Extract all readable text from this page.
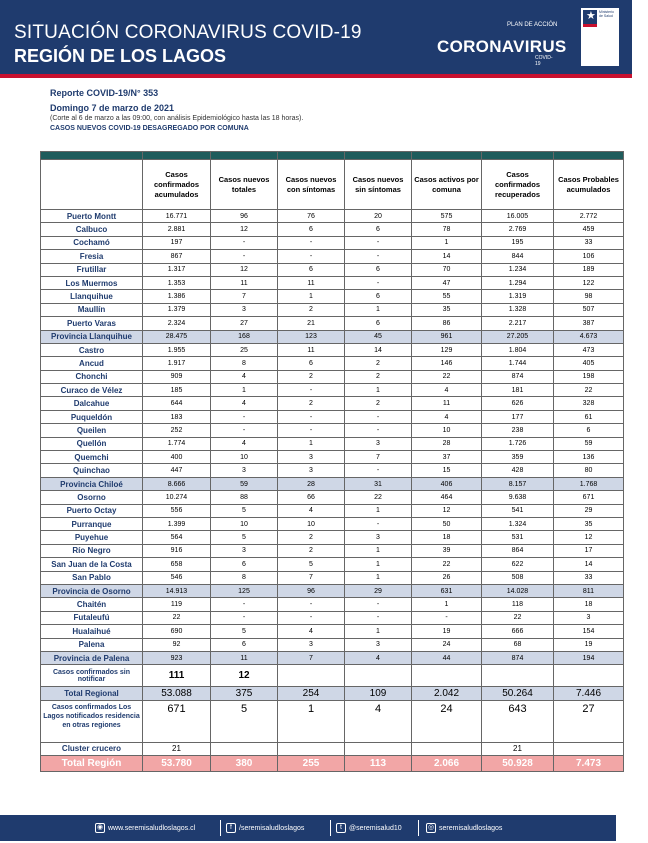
SITUACIÓN CORONAVIRUS COVID-19
REGIÓN DE LOS LAGOS
PLAN DE ACCIÓN
CORONAVIRUS
COVID-19
★ Ministerio de Salud
Reporte COVID-19/N° 353
Domingo 7 de marzo de 2021
(Corte al 6 de marzo a las 09:00, con análisis Epidemiológico hasta las 18 horas).
CASOS NUEVOS COVID-19 DESAGREGADO POR COMUNA

	Casos confirmados acumulados	Casos nuevos totales	Casos nuevos con síntomas	Casos nuevos sin síntomas	Casos activos por comuna	Casos confirmados recuperados	Casos Probables acumulados
Puerto Montt	16.771	96	76	20	575	16.005	2.772
Calbuco	2.881	12	6	6	78	2.769	459
Cochamó	197	-	-	-	1	195	33
Fresia	867	-	-	-	14	844	106
Frutillar	1.317	12	6	6	70	1.234	189
Los Muermos	1.353	11	11	-	47	1.294	122
Llanquihue	1.386	7	1	6	55	1.319	98
Maullín	1.379	3	2	1	35	1.328	507
Puerto Varas	2.324	27	21	6	86	2.217	387
Provincia Llanquihue	28.475	168	123	45	961	27.205	4.673
Castro	1.955	25	11	14	129	1.804	473
Ancud	1.917	8	6	2	146	1.744	405
Chonchi	909	4	2	2	22	874	198
Curaco de Vélez	185	1	-	1	4	181	22
Dalcahue	644	4	2	2	11	626	328
Puqueldón	183	-	-	-	4	177	61
Queilen	252	-	-	-	10	238	6
Quellón	1.774	4	1	3	28	1.726	59
Quemchi	400	10	3	7	37	359	136
Quinchao	447	3	3	-	15	428	80
Provincia Chiloé	8.666	59	28	31	406	8.157	1.768
Osorno	10.274	88	66	22	464	9.638	671
Puerto Octay	556	5	4	1	12	541	29
Purranque	1.399	10	10	-	50	1.324	35
Puyehue	564	5	2	3	18	531	12
Río Negro	916	3	2	1	39	864	17
San Juan de la Costa	658	6	5	1	22	622	14
San Pablo	546	8	7	1	26	508	33
Provincia de Osorno	14.913	125	96	29	631	14.028	811
Chaitén	119	-	-	-	1	118	18
Futaleufú	22	-	-	-	-	22	3
Hualaihué	690	5	4	1	19	666	154
Palena	92	6	3	3	24	68	19
Provincia de Palena	923	11	7	4	44	874	194
Casos confirmados sin notificar	111	12					
Total Regional	53.088	375	254	109	2.042	50.264	7.446
Casos confirmados Los Lagos notificados residencia en otras regiones	671	5	1	4	24	643	27
Cluster crucero	21					21	
Total Región	53.780	380	255	113	2.066	50.928	7.473
◉ www.seremisaludloslagos.cl	f /seremisaludloslagos	t @seremisalud10	◎ seremisaludloslagos
